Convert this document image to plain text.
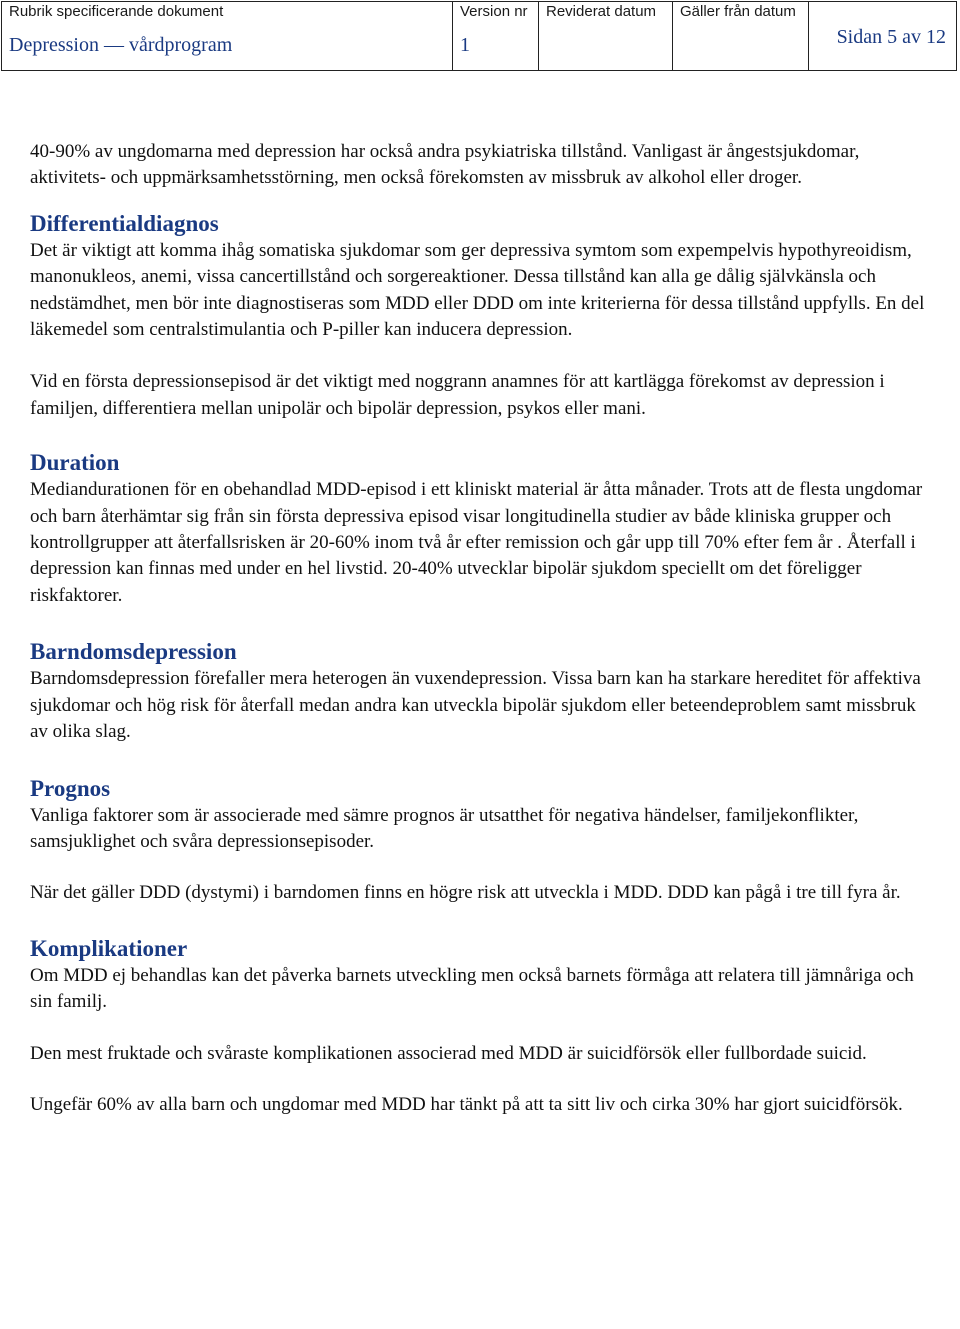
Rubrik specificerande dokument
Depression — vårdprogram
Version nr
1
Reviderat datum Gäller från datum
Sidan 5 av 12

40-90% av ungdomarna med depression har också andra psykiatriska tillstånd. Vanligast är ångestsjukdomar, aktivitets- och uppmärksamhetsstörning, men också förekomsten av missbruk av alkohol eller droger.

Differentialdiagnos

Det är viktigt att komma ihåg somatiska sjukdomar som ger depressiva symtom som expempelvis hypothyreoidism, manonukleos, anemi, vissa cancertillstånd och sorgereaktioner. Dessa tillstånd kan alla ge dålig självkänsla och nedstämdhet, men bör inte diagnostiseras som MDD eller DDD om inte kriterierna för dessa tillstånd uppfylls. En del läkemedel som centralstimulantia och P-piller kan inducera depression.

Vid en första depressionsepisod är det viktigt med noggrann anamnes för att kartlägga förekomst av depression i familjen, differentiera mellan unipolär och bipolär depression, psykos eller mani.

Duration

Mediandurationen för en obehandlad MDD-episod i ett kliniskt material är åtta månader. Trots att de flesta ungdomar och barn återhämtar sig från sin första depressiva episod visar longitudinella studier av både kliniska grupper och kontrollgrupper att återfallsrisken är 20-60% inom två år efter remission och går upp till 70% efter fem år . Återfall i depression kan finnas med under en hel livstid. 20-40% utvecklar bipolär sjukdom speciellt om det föreligger riskfaktorer.

Barndomsdepression

Barndomsdepression förefaller mera heterogen än vuxendepression. Vissa barn kan ha starkare hereditet för affektiva sjukdomar och hög risk för återfall medan andra kan utveckla bipolär sjukdom eller beteendeproblem samt missbruk av olika slag.

Prognos

Vanliga faktorer som är associerade med sämre prognos är utsatthet för negativa händelser, familjekonflikter, samsjuklighet och svåra depressionsepisoder.

När det gäller DDD (dystymi) i barndomen finns en högre risk att utveckla i MDD. DDD kan pågå i tre till fyra år.

Komplikationer

Om MDD ej behandlas kan det påverka barnets utveckling men också barnets förmåga att relatera till jämnåriga och sin familj.

Den mest fruktade och svåraste komplikationen associerad med MDD är suicidförsök eller fullbordade suicid.

Ungefär 60% av alla barn och ungdomar med MDD har tänkt på att ta sitt liv och cirka 30% har gjort suicidförsök.
